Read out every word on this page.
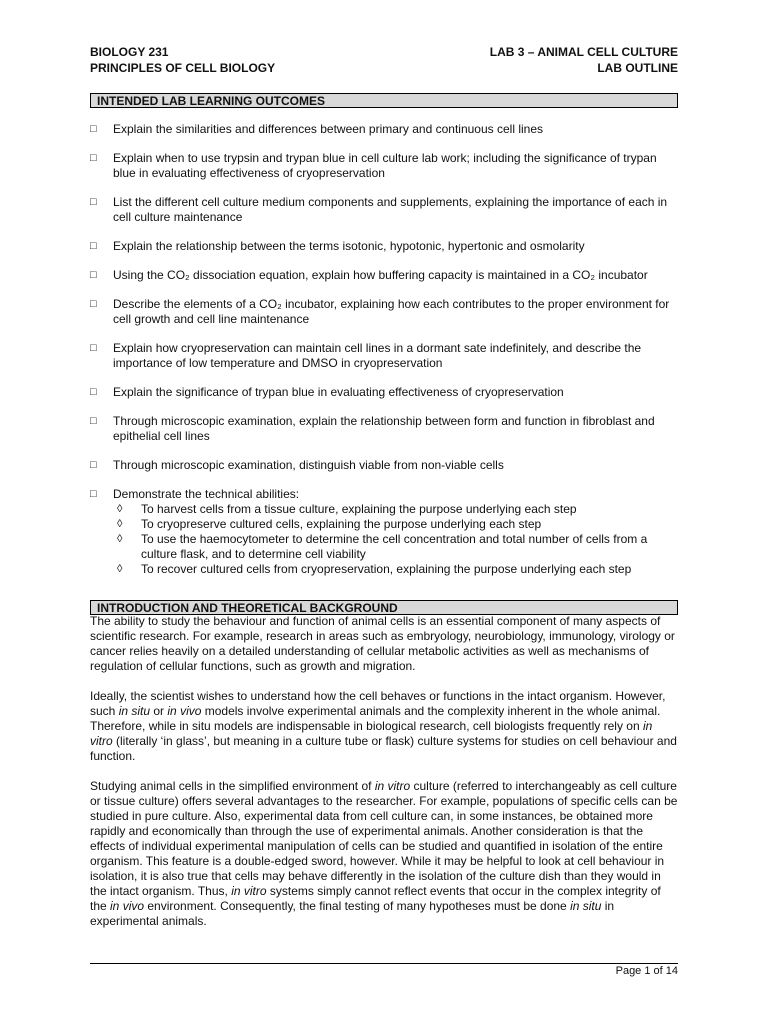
BIOLOGY 231
PRINCIPLES OF CELL BIOLOGY
LAB 3 – ANIMAL CELL CULTURE
LAB OUTLINE
INTENDED LAB LEARNING OUTCOMES
□ Explain the similarities and differences between primary and continuous cell lines
□ Explain when to use trypsin and trypan blue in cell culture lab work; including the significance of trypan blue in evaluating effectiveness of cryopreservation
□ List the different cell culture medium components and supplements, explaining the importance of each in cell culture maintenance
□ Explain the relationship between the terms isotonic, hypotonic, hypertonic and osmolarity
□ Using the CO₂ dissociation equation, explain how buffering capacity is maintained in a CO₂ incubator
□ Describe the elements of a CO₂ incubator, explaining how each contributes to the proper environment for cell growth and cell line maintenance
□ Explain how cryopreservation can maintain cell lines in a dormant sate indefinitely, and describe the importance of low temperature and DMSO in cryopreservation
□ Explain the significance of trypan blue in evaluating effectiveness of cryopreservation
□ Through microscopic examination, explain the relationship between form and function in fibroblast and epithelial cell lines
□ Through microscopic examination, distinguish viable from non-viable cells
□ Demonstrate the technical abilities:
◊ To harvest cells from a tissue culture, explaining the purpose underlying each step
◊ To cryopreserve cultured cells, explaining the purpose underlying each step
◊ To use the haemocytometer to determine the cell concentration and total number of cells from a culture flask, and to determine cell viability
◊ To recover cultured cells from cryopreservation, explaining the purpose underlying each step
INTRODUCTION AND THEORETICAL BACKGROUND

The ability to study the behaviour and function of animal cells is an essential component of many aspects of scientific research. For example, research in areas such as embryology, neurobiology, immunology, virology or cancer relies heavily on a detailed understanding of cellular metabolic activities as well as mechanisms of regulation of cellular functions, such as growth and migration.

Ideally, the scientist wishes to understand how the cell behaves or functions in the intact organism. However, such in situ or in vivo models involve experimental animals and the complexity inherent in the whole animal. Therefore, while in situ models are indispensable in biological research, cell biologists frequently rely on in vitro (literally ‘in glass’, but meaning in a culture tube or flask) culture systems for studies on cell behaviour and function.

Studying animal cells in the simplified environment of in vitro culture (referred to interchangeably as cell culture or tissue culture) offers several advantages to the researcher. For example, populations of specific cells can be studied in pure culture. Also, experimental data from cell culture can, in some instances, be obtained more rapidly and economically than through the use of experimental animals. Another consideration is that the effects of individual experimental manipulation of cells can be studied and quantified in isolation of the entire organism. This feature is a double-edged sword, however. While it may be helpful to look at cell behaviour in isolation, it is also true that cells may behave differently in the isolation of the culture dish than they would in the intact organism. Thus, in vitro systems simply cannot reflect events that occur in the complex integrity of the in vivo environment. Consequently, the final testing of many hypotheses must be done in situ in experimental animals.

Page 1 of 14
